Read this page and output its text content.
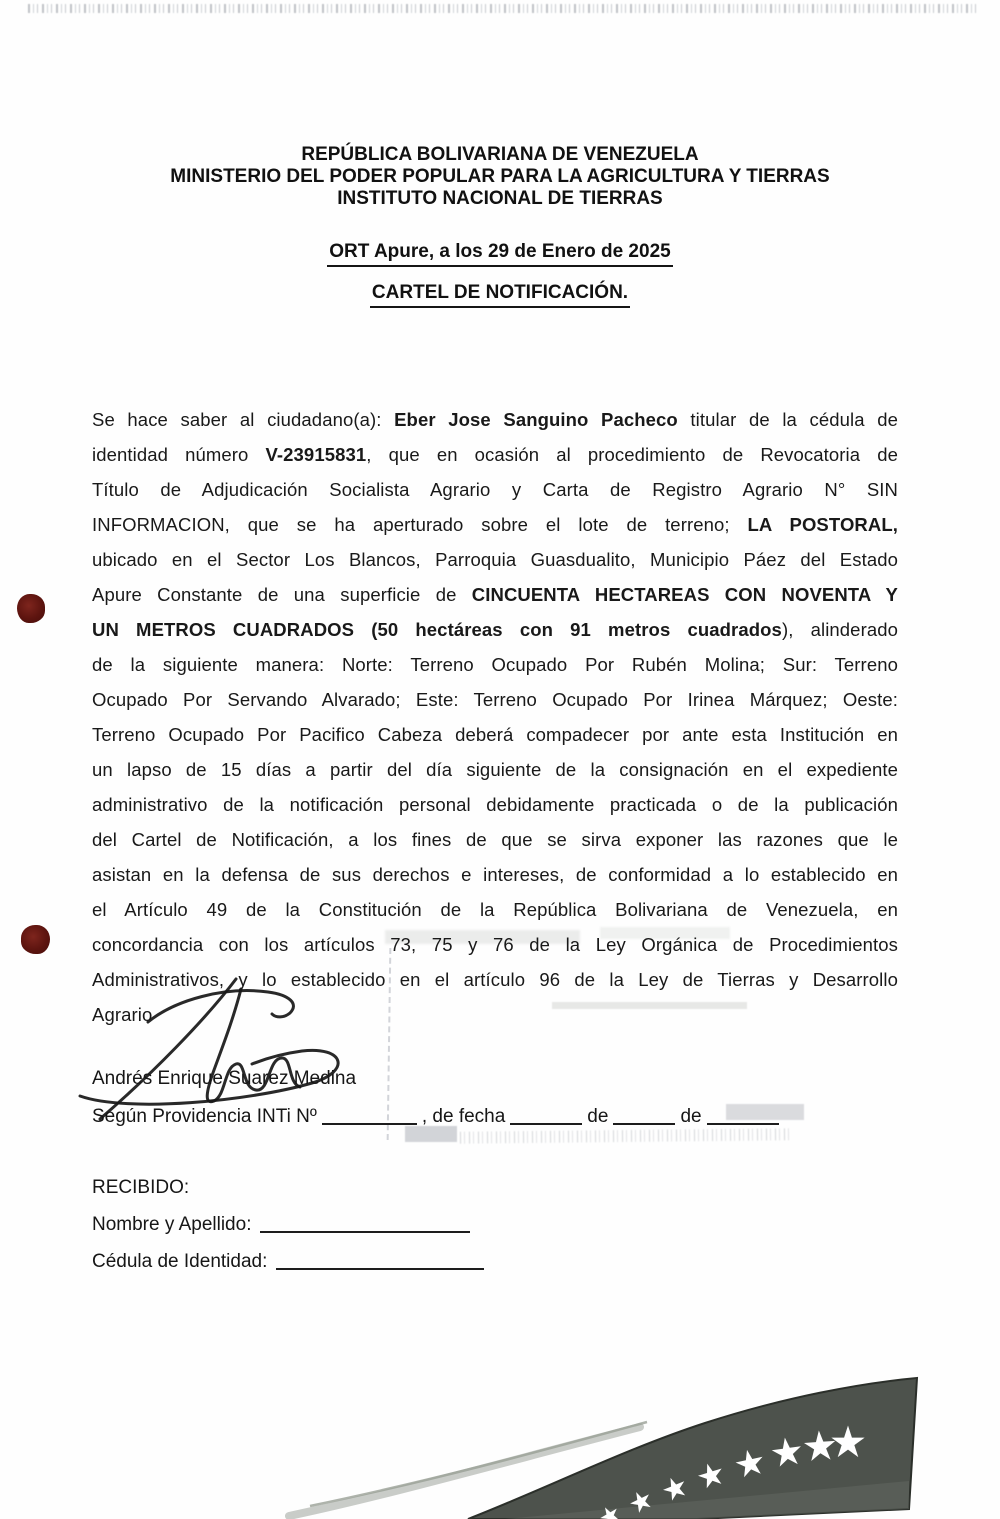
REPÚBLICA BOLIVARIANA DE VENEZUELA
MINISTERIO DEL PODER POPULAR PARA LA AGRICULTURA Y TIERRAS
INSTITUTO NACIONAL DE TIERRAS
ORT Apure, a los 29 de Enero de 2025
CARTEL DE NOTIFICACIÓN.
Se hace saber al ciudadano(a): Eber Jose Sanguino Pacheco titular de la cédula de
identidad número V-23915831, que en ocasión al procedimiento de Revocatoria de
Título de Adjudicación Socialista Agrario y Carta de Registro Agrario N° SIN
INFORMACION, que se ha aperturado sobre el lote de terreno; LA POSTORAL,
ubicado en el Sector Los Blancos, Parroquia Guasdualito, Municipio Páez del Estado
Apure Constante de una superficie de CINCUENTA HECTAREAS CON NOVENTA Y
UN METROS CUADRADOS (50 hectáreas con 91 metros cuadrados), alinderado
de la siguiente manera: Norte: Terreno Ocupado Por Rubén Molina; Sur: Terreno
Ocupado Por Servando Alvarado; Este: Terreno Ocupado Por Irinea Márquez; Oeste:
Terreno Ocupado Por Pacifico Cabeza deberá compadecer por ante esta Institución en
un lapso de 15 días a partir del día siguiente de la consignación en el expediente
administrativo de la notificación personal debidamente practicada o de la publicación
del Cartel de Notificación, a los fines de que se sirva exponer las razones que le
asistan en la defensa de sus derechos e intereses, de conformidad a lo establecido en
el Artículo 49 de la Constitución de la República Bolivariana de Venezuela, en
concordancia con los artículos 73, 75 y 76 de la Ley Orgánica de Procedimientos
Administrativos, y lo establecido en el artículo 96 de la Ley de Tierras y Desarrollo
Agrario
Andrés Enrique Suarez Medina
Según Providencia INTi Nº	, de fecha	de	de
RECIBIDO:
Nombre y Apellido:
Cédula de Identidad:
